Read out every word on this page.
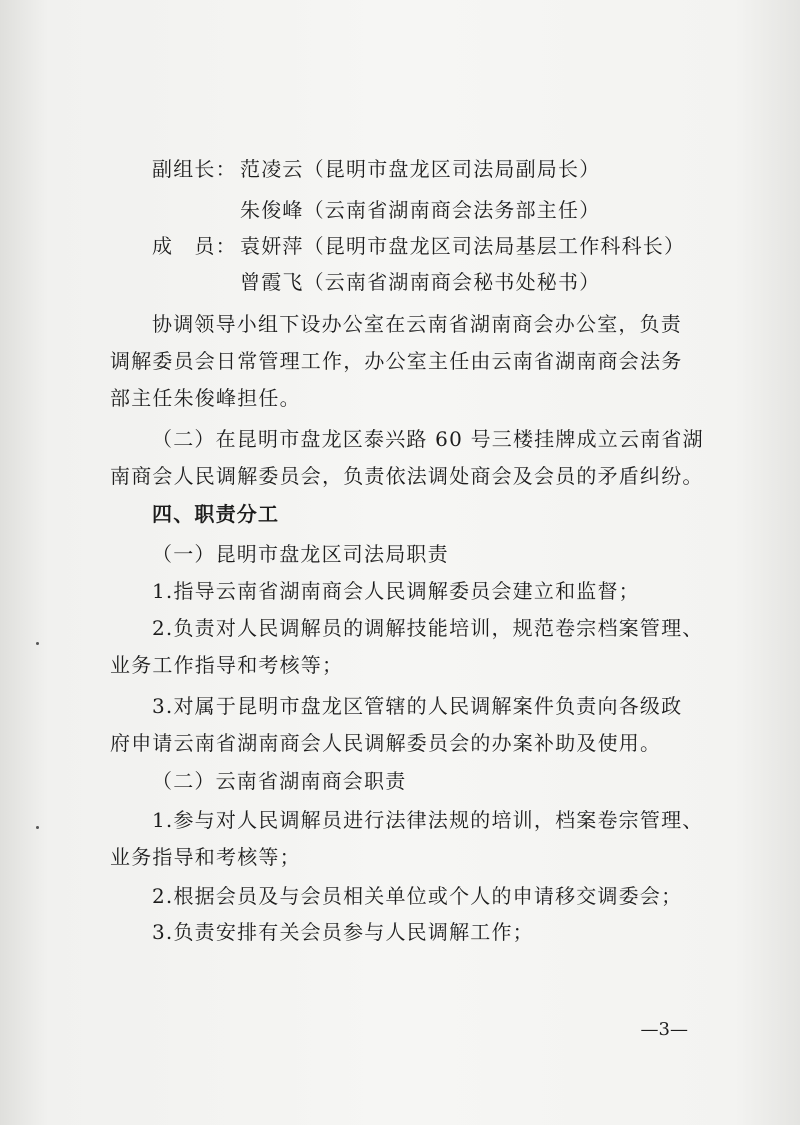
副组长： 范凌云（昆明市盘龙区司法局副局长）
朱俊峰（云南省湖南商会法务部主任）
成　员： 袁妍萍（昆明市盘龙区司法局基层工作科科长）
曾霞飞（云南省湖南商会秘书处秘书）
协调领导小组下设办公室在云南省湖南商会办公室，负责
调解委员会日常管理工作，办公室主任由云南省湖南商会法务
部主任朱俊峰担任。
（二）在昆明市盘龙区泰兴路 60 号三楼挂牌成立云南省湖
南商会人民调解委员会，负责依法调处商会及会员的矛盾纠纷。
四、职责分工
（一）昆明市盘龙区司法局职责
1.指导云南省湖南商会人民调解委员会建立和监督；
2.负责对人民调解员的调解技能培训，规范卷宗档案管理、
业务工作指导和考核等；
3.对属于昆明市盘龙区管辖的人民调解案件负责向各级政
府申请云南省湖南商会人民调解委员会的办案补助及使用。
（二）云南省湖南商会职责
1.参与对人民调解员进行法律法规的培训，档案卷宗管理、
业务指导和考核等；
2.根据会员及与会员相关单位或个人的申请移交调委会；
3.负责安排有关会员参与人民调解工作；
—3—
